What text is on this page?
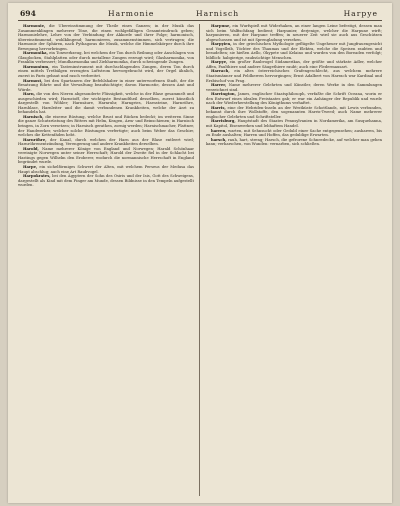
694	Harmonie	Harnisch	Harpye

Harmonie, die Übereinstimmung der Theile eines Ganzen; in der Musik das Zusammenklingen mehrerer Töne, die einen wohlgefälligen Gesamteindruck geben; Harmonielehre, Lehre von der Verbindung der Akkorde und ihrer Folge; harmonisch, übereinstimmend, wohlklingend; harmonieren, zusammenstimmen, sich vertragen; die Harmonie der Sphären, nach Pythagoras die Musik, welche die Himmelskörper durch ihre Bewegung hervorbringen.

Harmonika, ein Tonwerkzeug, bei welchem der Ton durch Reibung oder Anschlagen von Glasglocken, Stahlplatten oder durch metallene Zungen erzeugt wird; Glasharmonika, von Franklin verbessert; Mundharmonika und Ziehharmonika, durch schwingende Zungen.

Harmonium, ein Tasteninstrument mit durchschlagenden Zungen, deren Ton durch einen mittels Tretbälgen erzeugten Luftstrom hervorgebracht wird, der Orgel ähnlich, zuerst in Paris gebaut und rasch verbreitet.

Harmost, bei den Spartanern der Befehlshaber in einer unterworfenen Stadt, der die Besatzung führte und die Verwaltung beaufsichtigte; davon Harmostie, dessen Amt und Würde.

Harn, die von den Nieren abgesonderte Flüssigkeit, welche in der Blase gesammelt und ausgeschieden wird; Harnstoff, der wichtigste Bestandtheil desselben, zuerst künstlich dargestellt von Wöhler; Harnsäure, Harnruhr, Harngries, Harnsteine, Harnröhre, Harnblase, Harnleiter und die damit verbundenen Krankheiten, welche der Arzt zu behandeln hat.

Harnisch, die eiserne Rüstung, welche Brust und Rücken bedeckt; im weiteren Sinne die ganze Schutzrüstung des Ritters mit Helm, Kragen, Arm- und Beinschienen; in Harnisch bringen, in Zorn versetzen; in Harnisch gerathen, zornig werden; Harnischmacher, Plattner, der Handwerker, welcher solche Rüstungen verfertigte; auch beim Weber das Geschirr, welches die Kettenfäden hebt.

Harnröhre, der Kanal, durch welchen der Harn aus der Blase entleert wird; Harnröhrenentzündung, Verengerung und andere Krankheiten derselben.

Harold, Name mehrerer Könige von England und Norwegen; Harald Schönhaar vereinigte Norwegen unter seiner Herrschaft; Harold der Zweite fiel in der Schlacht bei Hastings gegen Wilhelm den Eroberer, wodurch die normannische Herrschaft in England begründet wurde.

Harpe, ein sichelförmiges Schwert der Alten, mit welchem Perseus der Medusa das Haupt abschlug; auch eine Art Raubvogel.

Harpokrates, bei den Ägyptern der Sohn des Osiris und der Isis, Gott des Schweigens, dargestellt als Kind mit dem Finger am Munde, dessen Bildnisse in den Tempeln aufgestellt wurden.

Harpune, ein Wurfspieß mit Widerhaken, an einer langen Leine befestigt, dessen man sich beim Walfischfang bedient; Harpunier, derjenige, welcher die Harpune wirft; harpunieren, mit der Harpune treffen; in neuerer Zeit wird sie auch aus Geschützen abgeschossen und ist mit Sprengladung versehen.

Harpyien, in der griechischen Mythologie geflügelte Ungeheuer mit Jungfrauengesicht und Vogelleib, Töchter des Thaumas und der Elektra, welche die Speisen raubten und besudelten; sie hießen Aello, Okypete und Kelaino und wurden von den Boreaden verfolgt; bildlich: habgierige, raubsüchtige Menschen.

Harpye, ein großer Raubvogel Südamerikas, der größte und stärkste Adler, welcher Affen, Faulthiere und andere Säugethiere raubt; auch eine Fledermausart.

Harrach, ein altes österreichisches Grafengeschlecht, aus welchem mehrere Staatsmänner und Feldherren hervorgingen; Ernst Adalbert von Harrach war Kardinal und Erzbischof von Prag.

Harrer, Name mehrerer Gelehrten und Künstler, deren Werke in den Sammlungen verzeichnet sind.

Harrington, James, englischer Staatsphilosoph, verfaßte die Schrift Oceana, worin er den Entwurf eines idealen Freistaates gab; er war ein Anhänger der Republik und wurde nach der Wiederherstellung des Königthums verhaftet.

Harris, eine der Hebriden-Inseln an der Westküste Schottlands, mit Lewis verbunden, bekannt durch ihre Wollstoffe, den sogenannten Harris-Tweed; auch Name mehrerer englischer Gelehrten und Schriftsteller.

Harrisburg, Hauptstadt des Staates Pennsylvanien in Nordamerika, am Susquehanna, mit Kapitol, Eisenwerken und lebhaftem Handel.

harren, warten, mit Sehnsucht oder Geduld einer Sache entgegensehen; ausharren, bis zu Ende aushalten; Harren und Hoffen, das geduldige Erwarten.

harsch, rauh, hart, streng; Harsch, die gefrorene Schneedecke, auf welcher man gehen kann; verharschen, von Wunden: vernarben, sich schließen.
